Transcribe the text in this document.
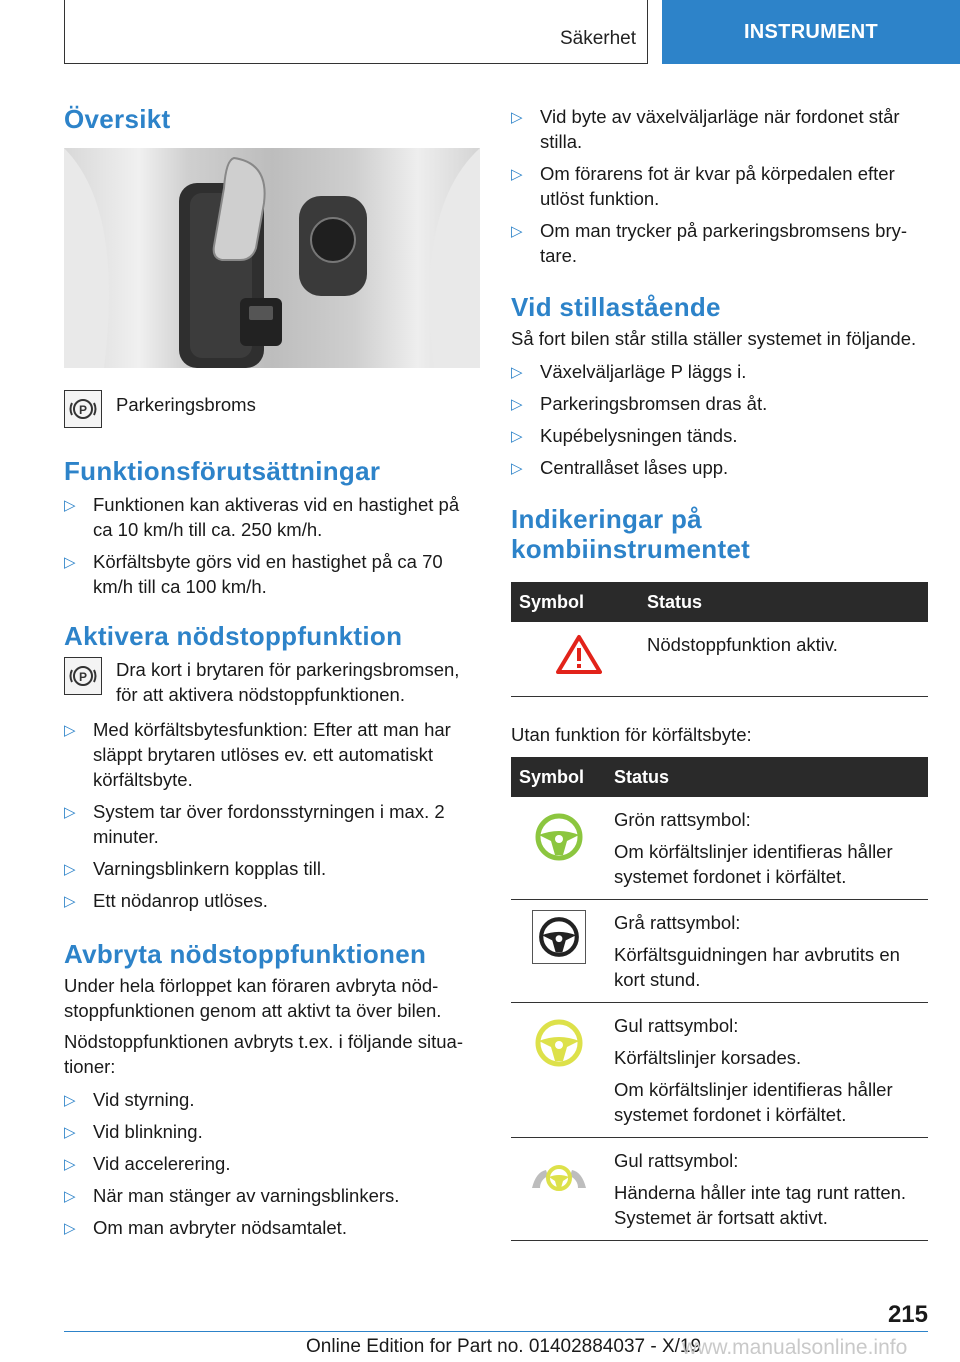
Säkerhet	INSTRUMENT
Översikt
P Parkeringsbroms

Funktionsförutsättningar
▷ Funktionen kan aktiveras vid en hastighet på ca 10 km/h till ca. 250 km/h.
▷ Körfältsbyte görs vid en hastighet på ca 70 km/h till ca 100 km/h.
Aktivera nödstoppfunktion
P Dra kort i brytaren för parkeringsbromsen, för att aktivera nödstoppfunktionen.

▷ Med körfältsbytesfunktion: Efter att man har släppt brytaren utlöses ev. ett automatiskt körfältsbyte.
▷ System tar över fordonsstyrningen i max. 2 minuter.
▷ Varningsblinkern kopplas till.
▷ Ett nödanrop utlöses.
Avbryta nödstoppfunktionen

Under hela förloppet kan föraren avbryta nöd‐stoppfunktionen genom att aktivt ta över bilen.

Nödstoppfunktionen avbryts t.ex. i följande situa‐tioner:

▷ Vid styrning.
▷ Vid blinkning.
▷ Vid accelerering.
▷ När man stänger av varningsblinkers.
▷ Om man avbryter nödsamtalet.
▷ Vid byte av växelväljarläge när fordonet står stilla.
▷ Om förarens fot är kvar på körpedalen efter utlöst funktion.
▷ Om man trycker på parkeringsbromsens bry‐tare.
Vid stillastående

Så fort bilen står stilla ställer systemet in följande.

▷ Växelväljarläge P läggs i.
▷ Parkeringsbromsen dras åt.
▷ Kupébelysningen tänds.
▷ Centrallåset låses upp.
Indikeringar på
kombiinstrumentet
Symbol	Status

	Nödstoppfunktion aktiv.

Utan funktion för körfältsbyte:

Symbol	Status

Grön rattsymbol:
Om körfältslinjer identifieras håller systemet fordonet i körfältet.

Grå rattsymbol:
Körfältsguidningen har avbrutits en kort stund.

Gul rattsymbol:
Körfältslinjer korsades.
Om körfältslinjer identifieras håller systemet fordonet i körfältet.

Gul rattsymbol:
Händerna håller inte tag runt ratten. Systemet är fortsatt aktivt.
215
Online Edition for Part no. 01402884037 - X/19
www.manualsonline.info
